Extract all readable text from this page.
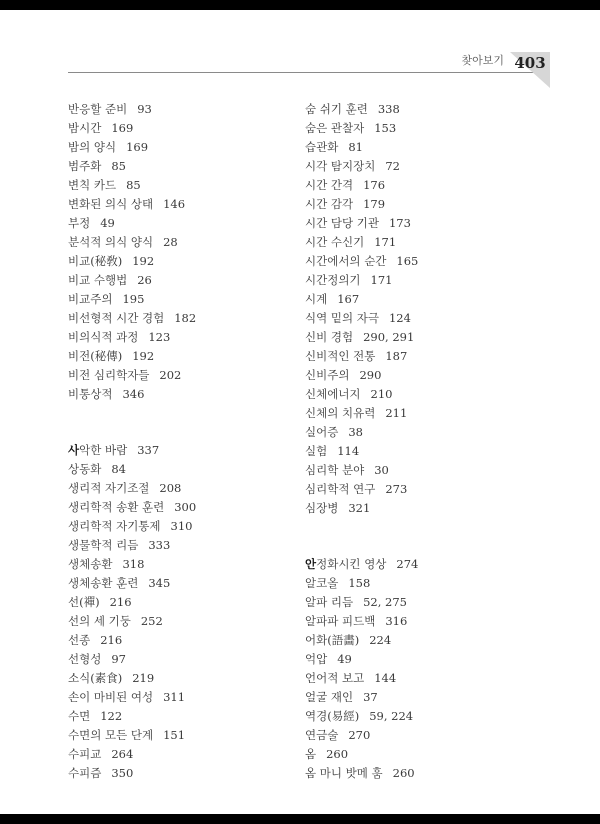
찾아보기 403
반응할 준비 93
밤시간 169
밤의 양식 169
범주화 85
변칙 카드 85
변화된 의식 상태 146
부정 49
분석적 의식 양식 28
비교(秘敎) 192
비교 수행법 26
비교주의 195
비선형적 시간 경험 182
비의식적 과정 123
비전(秘傳) 192
비전 심리학자들 202
비통상적 346
사악한 바람 337
상동화 84
생리적 자기조절 208
생리학적 송환 훈련 300
생리학적 자기통제 310
생물학적 리듬 333
생체송환 318
생체송환 훈련 345
선(禪) 216
선의 세 기둥 252
선종 216
선형성 97
소식(素食) 219
손이 마비된 여성 311
수면 122
수면의 모든 단계 151
수피교 264
수피즘 350
숨 쉬기 훈련 338
숨은 관찰자 153
습관화 81
시각 탐지장치 72
시간 간격 176
시간 감각 179
시간 담당 기관 173
시간 수신기 171
시간에서의 순간 165
시간정의기 171
시계 167
식역 밑의 자극 124
신비 경험 290, 291
신비적인 전통 187
신비주의 290
신체에너지 210
신체의 치유력 211
실어증 38
실험 114
심리학 분야 30
심리학적 연구 273
심장병 321
안정화시킨 영상 274
알코올 158
알파 리듬 52, 275
알파파 피드백 316
어화(語畵) 224
억압 49
언어적 보고 144
얼굴 재인 37
역경(易經) 59, 224
연금술 270
옴 260
옴 마니 밧메 훔 260
